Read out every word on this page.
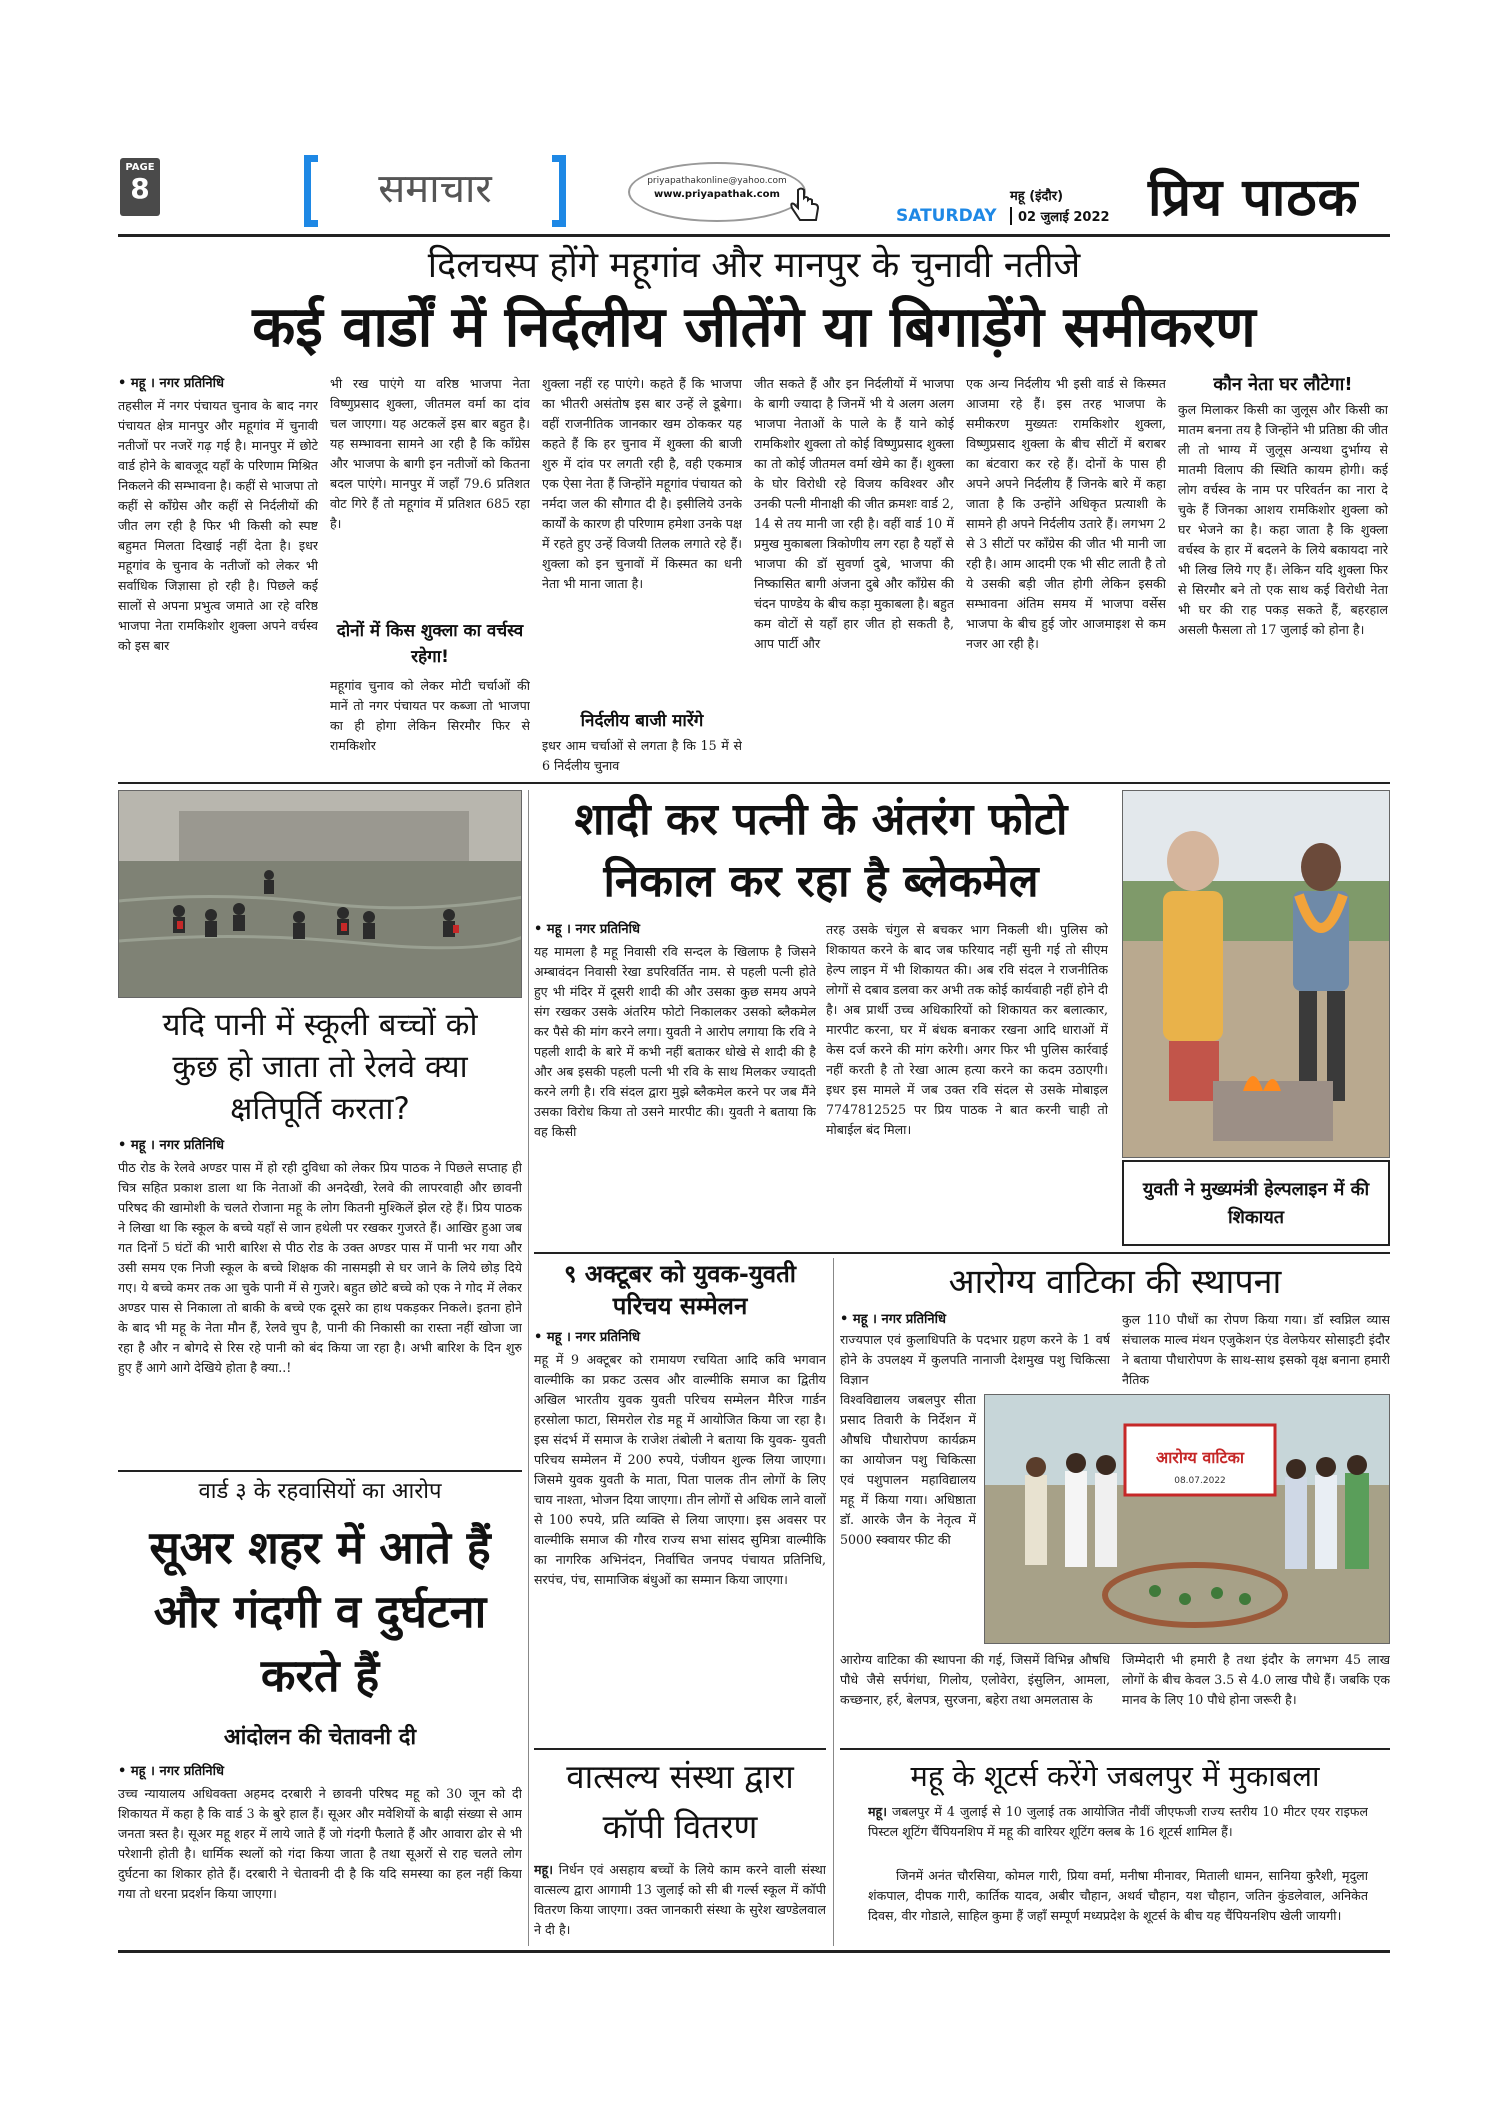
PAGE
8	समाचार	priyapathakonline@yahoo.com
www.priyapathak.com
SATURDAY
महू (इंदौर)
02 जुलाई 2022 प्रिय पाठक
दिलचस्प होंगे महूगांव और मानपुर के चुनावी नतीजे
कई वार्डों में निर्दलीय जीतेंगे या बिगाड़ेंगे समीकरण
• महू । नगर प्रतिनिधि
तहसील में नगर पंचायत चुनाव के बाद नगर पंचायत क्षेत्र मानपुर और महूगांव में चुनावी नतीजों पर नजरें गढ़ गई है। मानपुर में छोटे वार्ड होने के बावजूद यहाँ के परिणाम मिश्रित निकलने की सम्भावना है। कहीं से भाजपा तो कहीं से कॉंग्रेस और कहीं से निर्दलीयों की जीत लग रही है फिर भी किसी को स्पष्ट बहुमत मिलता दिखाई नहीं देता है। इधर महूगांव के चुनाव के नतीजों को लेकर भी सर्वाधिक जिज्ञासा हो रही है। पिछले कई सालों से अपना प्रभुत्व जमाते आ रहे वरिष्ठ भाजपा नेता रामकिशोर शुक्ला अपने वर्चस्व को इस बार
भी रख पाएंगे या वरिष्ठ भाजपा नेता विष्णुप्रसाद शुक्ला, जीतमल वर्मा का दांव चल जाएगा। यह अटकलें इस बार बहुत है। यह सम्भावना सामने आ रही है कि कॉंग्रेस और भाजपा के बागी इन नतीजों को कितना बदल पाएंगे। मानपुर में जहाँ 79.6 प्रतिशत वोट गिरे हैं तो महूगांव में प्रतिशत 685 रहा है।
दोनों में किस शुक्ला का वर्चस्व रहेगा!
महूगांव चुनाव को लेकर मोटी चर्चाओं की मानें तो नगर पंचायत पर कब्जा तो भाजपा का ही होगा लेकिन सिरमौर फिर से रामकिशोर
शुक्ला नहीं रह पाएंगे। कहते हैं कि भाजपा का भीतरी असंतोष इस बार उन्हें ले डूबेगा। वहीं राजनीतिक जानकार खम ठोककर यह कहते हैं कि हर चुनाव में शुक्ला की बाजी शुरु में दांव पर लगती रही है, वही एकमात्र एक ऐसा नेता हैं जिन्होंने महूगांव पंचायत को नर्मदा जल की सौगात दी है। इसीलिये उनके कार्यों के कारण ही परिणाम हमेशा उनके पक्ष में रहते हुए उन्हें विजयी तिलक लगाते रहे हैं। शुक्ला को इन चुनावों में किस्मत का धनी नेता भी माना जाता है।
निर्दलीय बाजी मारेंगे
इधर आम चर्चाओं से लगता है कि 15 में से 6 निर्दलीय चुनाव
जीत सकते हैं और इन निर्दलीयों में भाजपा के बागी ज्यादा है जिनमें भी ये अलग अलग भाजपा नेताओं के पाले के हैं याने कोई रामकिशोर शुक्ला तो कोई विष्णुप्रसाद शुक्ला का तो कोई जीतमल वर्मा खेमे का हैं। शुक्ला के घोर विरोधी रहे विजय कविश्वर और उनकी पत्नी मीनाक्षी की जीत क्रमशः वार्ड 2, 14 से तय मानी जा रही है। वहीं वार्ड 10 में प्रमुख मुकाबला त्रिकोणीय लग रहा है यहाँ से भाजपा की डॉ सुवर्णा दुबे, भाजपा की निष्कासित बागी अंजना दुबे और कॉंग्रेस की चंदन पाण्डेय के बीच कड़ा मुकाबला है। बहुत कम वोटों से यहाँ हार जीत हो सकती है, आप पार्टी और
एक अन्य निर्दलीय भी इसी वार्ड से किस्मत आजमा रहे हैं। इस तरह भाजपा के समीकरण मुख्यतः रामकिशोर शुक्ला, विष्णुप्रसाद शुक्ला के बीच सीटों में बराबर का बंटवारा कर रहे हैं। दोनों के पास ही अपने अपने निर्दलीय हैं जिनके बारे में कहा जाता है कि उन्होंने अधिकृत प्रत्याशी के सामने ही अपने निर्दलीय उतारे हैं। लगभग 2 से 3 सीटों पर कॉंग्रेस की जीत भी मानी जा रही है। आम आदमी एक भी सीट लाती है तो ये उसकी बड़ी जीत होगी लेकिन इसकी सम्भावना अंतिम समय में भाजपा वर्सेस भाजपा के बीच हुई जोर आजमाइश से कम नजर आ रही है।
कौन नेता घर लौटेगा!
कुल मिलाकर किसी का जुलूस और किसी का मातम बनना तय है जिन्होंने भी प्रतिष्ठा की जीत ली तो भाग्य में जुलूस अन्यथा दुर्भाग्य से मातमी विलाप की स्थिति कायम होगी। कई लोग वर्चस्व के नाम पर परिवर्तन का नारा दे चुके हैं जिनका आशय रामकिशोर शुक्ला को घर भेजने का है। कहा जाता है कि शुक्ला वर्चस्व के हार में बदलने के लिये बकायदा नारे भी लिख लिये गए हैं। लेकिन यदि शुक्ला फिर से सिरमौर बने तो एक साथ कई विरोधी नेता भी घर की राह पकड़ सकते हैं, बहरहाल असली फैसला तो 17 जुलाई को होना है।
यदि पानी में स्कूली बच्चों को कुछ हो जाता तो रेलवे क्या क्षतिपूर्ति करता?
• महू । नगर प्रतिनिधि
पीठ रोड के रेलवे अण्डर पास में हो रही दुविधा को लेकर प्रिय पाठक ने पिछले सप्ताह ही चित्र सहित प्रकाश डाला था कि नेताओं की अनदेखी, रेलवे की लापरवाही और छावनी परिषद की खामोशी के चलते रोजाना महू के लोग कितनी मुश्किलें झेल रहे हैं। प्रिय पाठक ने लिखा था कि स्कूल के बच्चे यहाँ से जान हथेली पर रखकर गुजरते हैं। आखिर हुआ जब गत दिनों 5 घंटों की भारी बारिश से पीठ रोड के उक्त अण्डर पास में पानी भर गया और उसी समय एक निजी स्कूल के बच्चे शिक्षक की नासमझी से घर जाने के लिये छोड़ दिये गए। ये बच्चे कमर तक आ चुके पानी में से गुजरे। बहुत छोटे बच्चे को एक ने गोद में लेकर अण्डर पास से निकाला तो बाकी के बच्चे एक दूसरे का हाथ पकड़कर निकले। इतना होने के बाद भी महू के नेता मौन हैं, रेलवे चुप है, पानी की निकासी का रास्ता नहीं खोजा जा रहा है और न बोगदे से रिस रहे पानी को बंद किया जा रहा है। अभी बारिश के दिन शुरु हुए हैं आगे आगे देखिये होता है क्या..!
वार्ड ३ के रहवासियों का आरोप
सूअर शहर में आते हैं और गंदगी व दुर्घटना करते हैं
आंदोलन की चेतावनी दी
• महू । नगर प्रतिनिधि
उच्च न्यायालय अधिवक्ता अहमद दरबारी ने छावनी परिषद महू को 30 जून को दी शिकायत में कहा है कि वार्ड 3 के बुरे हाल हैं। सूअर और मवेशियों के बाढ़ी संख्या से आम जनता त्रस्त है। सूअर महू शहर में लाये जाते हैं जो गंदगी फैलाते हैं और आवारा ढोर से भी परेशानी होती है। धार्मिक स्थलों को गंदा किया जाता है तथा सूअरों से राह चलते लोग दुर्घटना का शिकार होते हैं। दरबारी ने चेतावनी दी है कि यदि समस्या का हल नहीं किया गया तो धरना प्रदर्शन किया जाएगा।
शादी कर पत्नी के अंतरंग फोटो
निकाल कर रहा है ब्लेकमेल
• महू । नगर प्रतिनिधि
यह मामला है महू निवासी रवि सन्दल के खिलाफ है जिसने अम्बावंदन निवासी रेखा डपरिवर्तित नाम. से पहली पत्नी होते हुए भी मंदिर में दूसरी शादी की और उसका कुछ समय अपने संग रखकर उसके अंतरिम फोटो निकालकर उसको ब्लैकमेल कर पैसे की मांग करने लगा। युवती ने आरोप लगाया कि रवि ने पहली शादी के बारे में कभी नहीं बताकर धोखे से शादी की है और अब इसकी पहली पत्नी भी रवि के साथ मिलकर ज्यादती करने लगी है। रवि संदल द्वारा मुझे ब्लैकमेल करने पर जब मैंने उसका विरोध किया तो उसने मारपीट की। युवती ने बताया कि वह किसी
तरह उसके चंगुल से बचकर भाग निकली थी। पुलिस को शिकायत करने के बाद जब फरियाद नहीं सुनी गई तो सीएम हेल्प लाइन में भी शिकायत की। अब रवि संदल ने राजनीतिक लोगों से दबाव डलवा कर अभी तक कोई कार्यवाही नहीं होने दी है। अब प्रार्थी उच्च अधिकारियों को शिकायत कर बलात्कार, मारपीट करना, घर में बंधक बनाकर रखना आदि धाराओं में केस दर्ज करने की मांग करेगी। अगर फिर भी पुलिस कार्रवाई नहीं करती है तो रेखा आत्म हत्या करने का कदम उठाएगी। इधर इस मामले में जब उक्त रवि संदल से उसके मोबाइल 7747812525 पर प्रिय पाठक ने बात करनी चाही तो मोबाईल बंद मिला।
युवती ने मुख्यमंत्री हेल्पलाइन में की शिकायत
९ अक्टूबर को युवक-युवती परिचय सम्मेलन
• महू । नगर प्रतिनिधि
महू में 9 अक्टूबर को रामायण रचयिता आदि कवि भगवान वाल्मीकि का प्रकट उत्सव और वाल्मीकि समाज का द्वितीय अखिल भारतीय युवक युवती परिचय सम्मेलन मैरिज गार्डन हरसोला फाटा, सिमरोल रोड महू में आयोजित किया जा रहा है। इस संदर्भ में समाज के राजेश तंबोली ने बताया कि युवक- युवती परिचय सम्मेलन में 200 रुपये, पंजीयन शुल्क लिया जाएगा। जिसमे युवक युवती के माता, पिता पालक तीन लोगों के लिए चाय नाश्ता, भोजन दिया जाएगा। तीन लोगों से अधिक लाने वालों से 100 रुपये, प्रति व्यक्ति से लिया जाएगा। इस अवसर पर वाल्मीकि समाज की गौरव राज्य सभा सांसद सुमित्रा वाल्मीकि का नागरिक अभिनंदन, निर्वाचित जनपद पंचायत प्रतिनिधि, सरपंच, पंच, सामाजिक बंधुओं का सम्मान किया जाएगा।
वात्सल्य संस्था द्वारा कॉपी वितरण
महू। निर्धन एवं असहाय बच्चों के लिये काम करने वाली संस्था वात्सल्य द्वारा आगामी 13 जुलाई को सी बी गर्ल्स स्कूल में कॉपी वितरण किया जाएगा। उक्त जानकारी संस्था के सुरेश खण्डेलवाल ने दी है।
आरोग्य वाटिका की स्थापना
• महू । नगर प्रतिनिधि
राज्यपाल एवं कुलाधिपति के पदभार ग्रहण करने के 1 वर्ष होने के उपलक्ष्य में कुलपति नानाजी देशमुख पशु चिकित्सा विज्ञान
विश्वविद्यालय जबलपुर सीता प्रसाद तिवारी के निर्देशन में औषधि पौधारोपण कार्यक्रम का आयोजन पशु चिकित्सा एवं पशुपालन महाविद्यालय महू में किया गया। अधिष्ठाता डॉ. आरके जैन के नेतृत्व में 5000 स्क्वायर फीट की
कुल 110 पौधों का रोपण किया गया। डॉ स्वप्निल व्यास संचालक माल्व मंथन एजुकेशन एंड वेलफेयर सोसाइटी इंदौर ने बताया पौधारोपण के साथ-साथ इसको वृक्ष बनाना हमारी नैतिक
आरोग्य वाटिका
08.07.2022
आरोग्य वाटिका की स्थापना की गई, जिसमें विभिन्न औषधि पौधे जैसे सर्पगंधा, गिलोय, एलोवेरा, इंसुलिन, आमला, कच्छनार, हर्र, बेलपत्र, सुरजना, बहेरा तथा अमलतास के
जिम्मेदारी भी हमारी है तथा इंदौर के लगभग 45 लाख लोगों के बीच केवल 3.5 से 4.0 लाख पौधे हैं। जबकि एक मानव के लिए 10 पौधे होना जरूरी है।
महू के शूटर्स करेंगे जबलपुर में मुकाबला
महू। जबलपुर में 4 जुलाई से 10 जुलाई तक आयोजित नौवीं जीएफजी राज्य स्तरीय 10 मीटर एयर राइफल पिस्टल शूटिंग चैंपियनशिप में महू की वारियर शूटिंग क्लब के 16 शूटर्स शामिल हैं।
जिनमें अनंत चौरसिया, कोमल गारी, प्रिया वर्मा, मनीषा मीनावर, मिताली धामन, सानिया कुरैशी, मृदुला शंकपाल, दीपक गारी, कार्तिक यादव, अबीर चौहान, अथर्व चौहान, यश चौहान, जतिन कुंडलेवाल, अनिकेत दिवस, वीर गोडाले, साहिल कुमा हैं जहाँ सम्पूर्ण मध्यप्रदेश के शूटर्स के बीच यह चैंपियनशिप खेली जायगी।
